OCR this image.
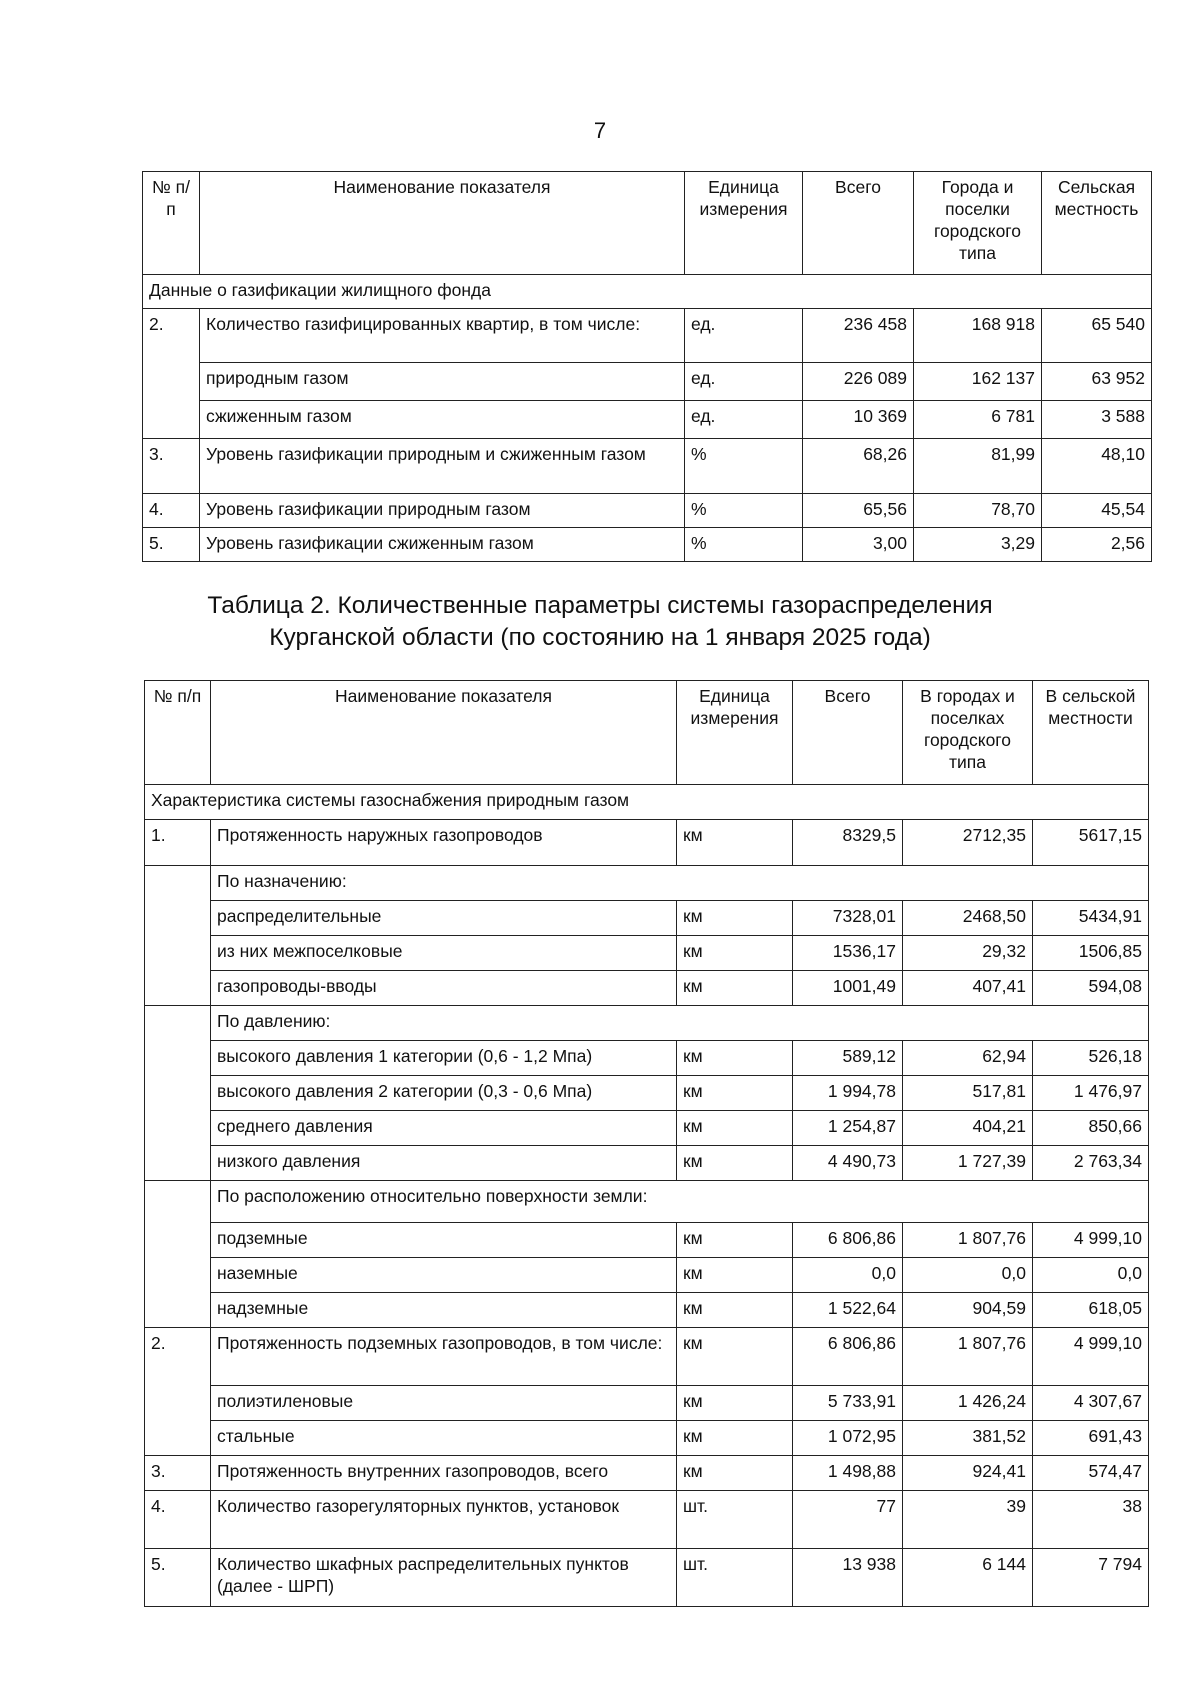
7
№ п/п	Наименование показателя	Единица измерения	Всего	Города и поселки городского типа	Сельская местность
Данные о газификации жилищного фонда					
2.	Количество газифицированных квартир, в том числе:	ед.	236 458	168 918	65 540
	природным газом	ед.	226 089	162 137	63 952
	сжиженным газом	ед.	10 369	6 781	3 588
3.	Уровень газификации природным и сжиженным газом	%	68,26	81,99	48,10
4.	Уровень газификации природным газом	%	65,56	78,70	45,54
5.	Уровень газификации сжиженным газом	%	3,00	3,29	2,56
Таблица 2. Количественные параметры системы газораспределения
Курганской области (по состоянию на 1 января 2025 года)
№ п/п	Наименование показателя	Единица измерения	Всего	В городах и поселках городского типа	В сельской местности
Характеристика системы газоснабжения природным газом					
1.	Протяженность наружных газопроводов	км	8329,5	2712,35	5617,15
	По назначению:				
	распределительные	км	7328,01	2468,50	5434,91
	из них межпоселковые	км	1536,17	29,32	1506,85
	газопроводы-вводы	км	1001,49	407,41	594,08
	По давлению:				
	высокого давления 1 категории (0,6 - 1,2 Мпа)	км	589,12	62,94	526,18
	высокого давления 2 категории (0,3 - 0,6 Мпа)	км	1 994,78	517,81	1 476,97
	среднего давления	км	1 254,87	404,21	850,66
	низкого давления	км	4 490,73	1 727,39	2 763,34
	По расположению относительно поверхности земли:				
	подземные	км	6 806,86	1 807,76	4 999,10
	наземные	км	0,0	0,0	0,0
	надземные	км	1 522,64	904,59	618,05
2.	Протяженность подземных газопроводов, в том числе:	км	6 806,86	1 807,76	4 999,10
	полиэтиленовые	км	5 733,91	1 426,24	4 307,67
	стальные	км	1 072,95	381,52	691,43
3.	Протяженность внутренних газопроводов, всего	км	1 498,88	924,41	574,47
4.	Количество газорегуляторных пунктов, установок	шт.	77	39	38
5.	Количество шкафных распределительных пунктов (далее - ШРП)	шт.	13 938	6 144	7 794
